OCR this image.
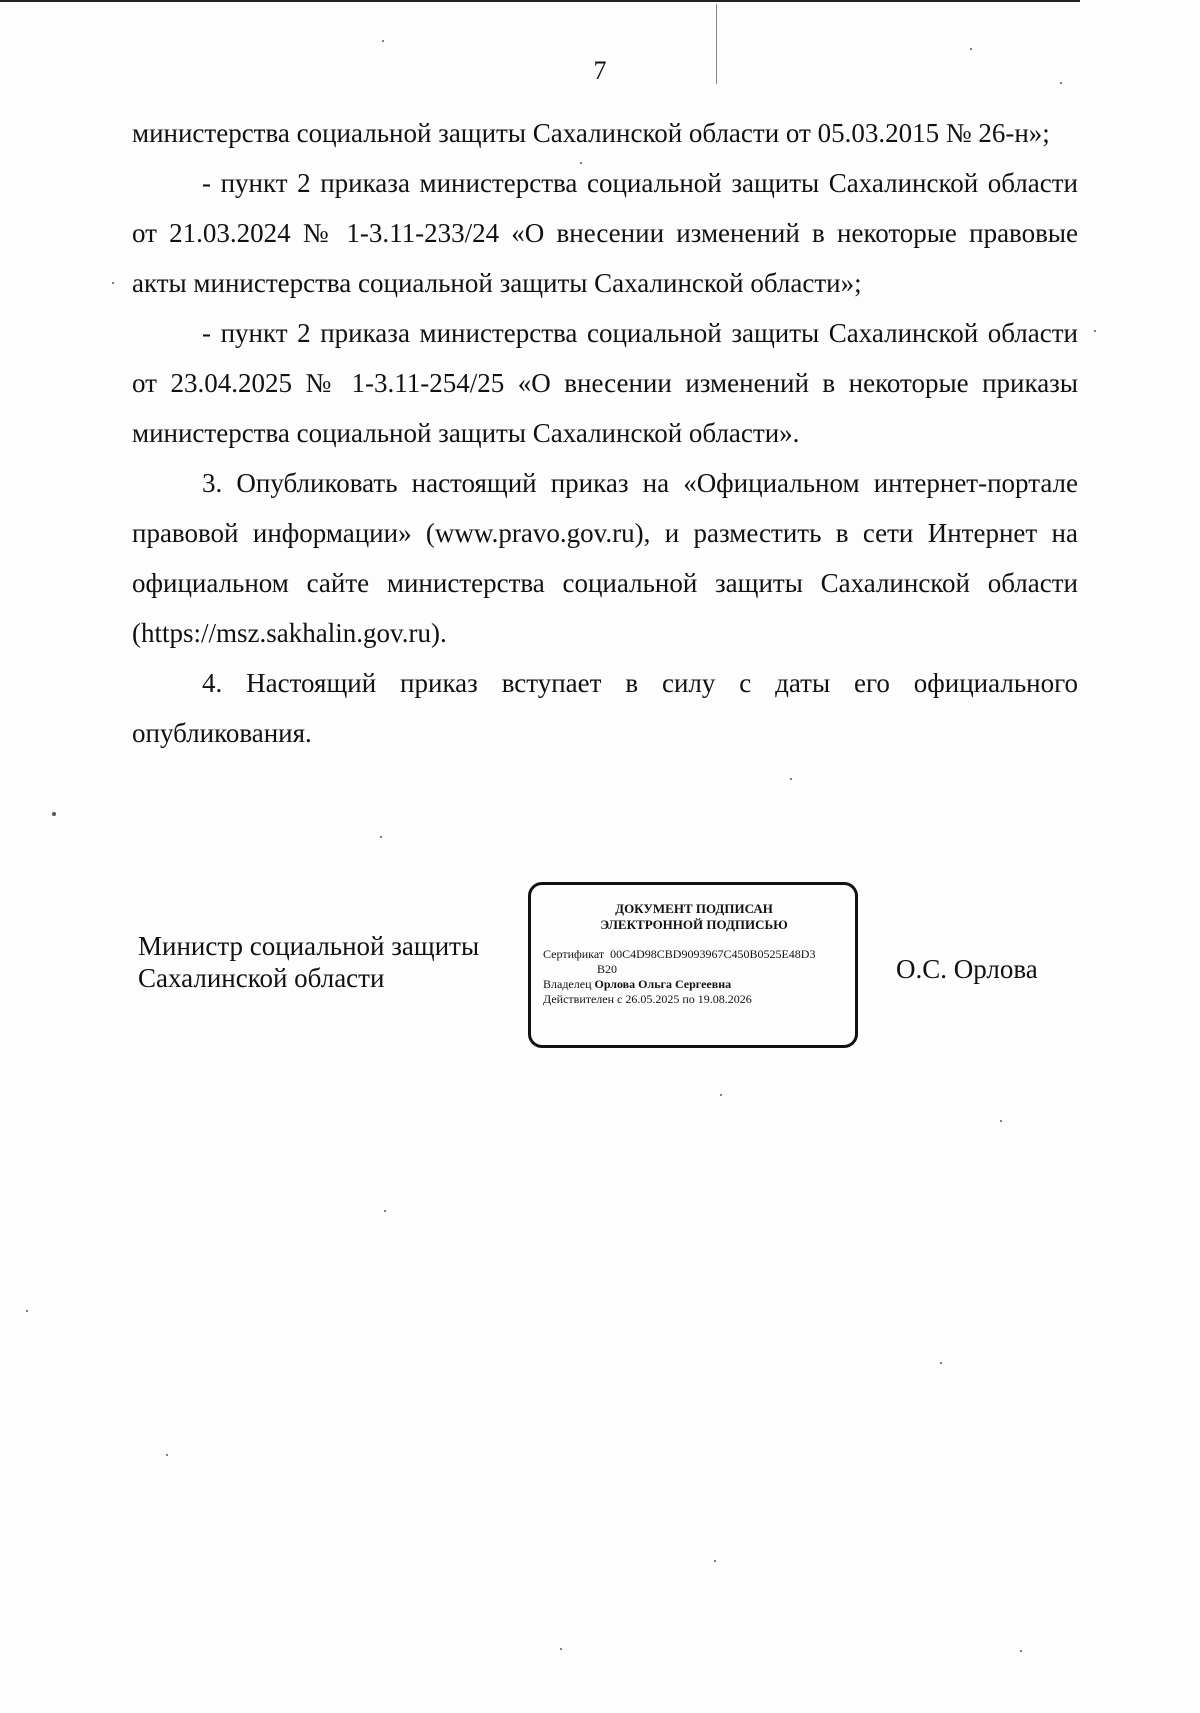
7

министерства социальной защиты Сахалинской области от 05.03.2015 № 26-н»;

- пункт 2 приказа министерства социальной защиты Сахалинской области от 21.03.2024 № 1-3.11-233/24 «О внесении изменений в некоторые правовые акты министерства социальной защиты Сахалинской области»;

- пункт 2 приказа министерства социальной защиты Сахалинской области от 23.04.2025 № 1-3.11-254/25 «О внесении изменений в некоторые приказы министерства социальной защиты Сахалинской области».

3. Опубликовать настоящий приказ на «Официальном интернет-портале правовой информации» (www.pravo.gov.ru), и разместить в сети Интернет на официальном сайте министерства социальной защиты Сахалинской области (https://msz.sakhalin.gov.ru).

4. Настоящий приказ вступает в силу с даты его официального опубликования.

Министр социальной защиты
Сахалинской области
ДОКУМЕНТ ПОДПИСАН
ЭЛЕКТРОННОЙ ПОДПИСЬЮ
Сертификат 00C4D98CBD9093967C450B0525E48D3
B20
Владелец Орлова Ольга Сергеевна
Действителен с 26.05.2025 по 19.08.2026
О.С. Орлова
